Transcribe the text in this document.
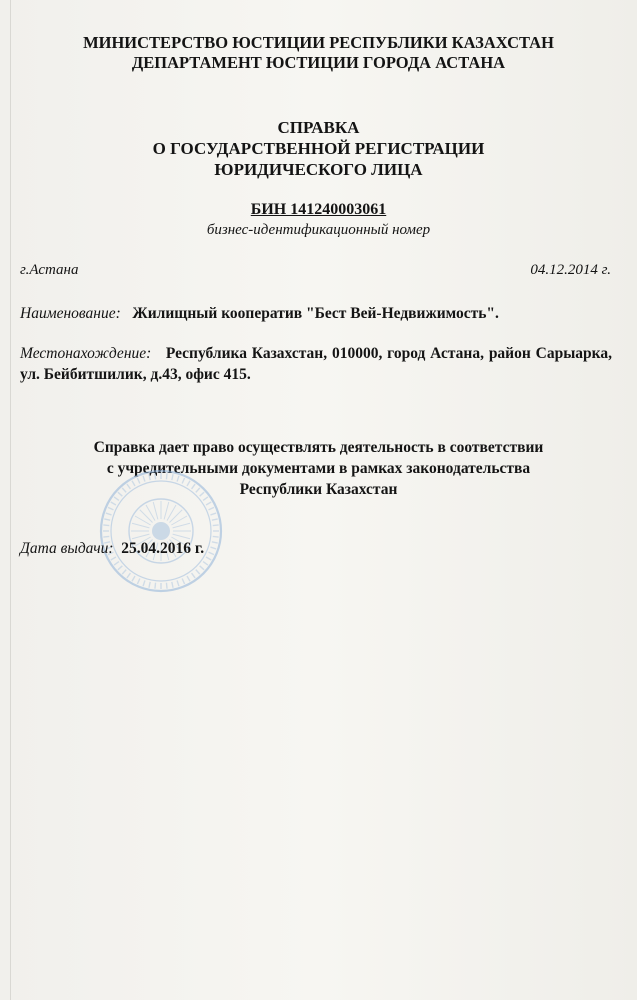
МИНИСТЕРСТВО ЮСТИЦИИ РЕСПУБЛИКИ КАЗАХСТАН
ДЕПАРТАМЕНТ ЮСТИЦИИ ГОРОДА АСТАНА
СПРАВКА
О ГОСУДАРСТВЕННОЙ РЕГИСТРАЦИИ
ЮРИДИЧЕСКОГО ЛИЦА
БИН 141240003061
бизнес-идентификационный номер
г.Астана	04.12.2014 г.
Наименование: Жилищный кооператив "Бест Вей-Недвижимость".
Местонахождение: Республика Казахстан, 010000, город Астана, район Сарыарка, ул. Бейбитшилик, д.43, офис 415.
Справка дает право осуществлять деятельность в соответствии
с учредительными документами в рамках законодательства
Республики Казахстан
Дата выдачи: 25.04.2016 г.
